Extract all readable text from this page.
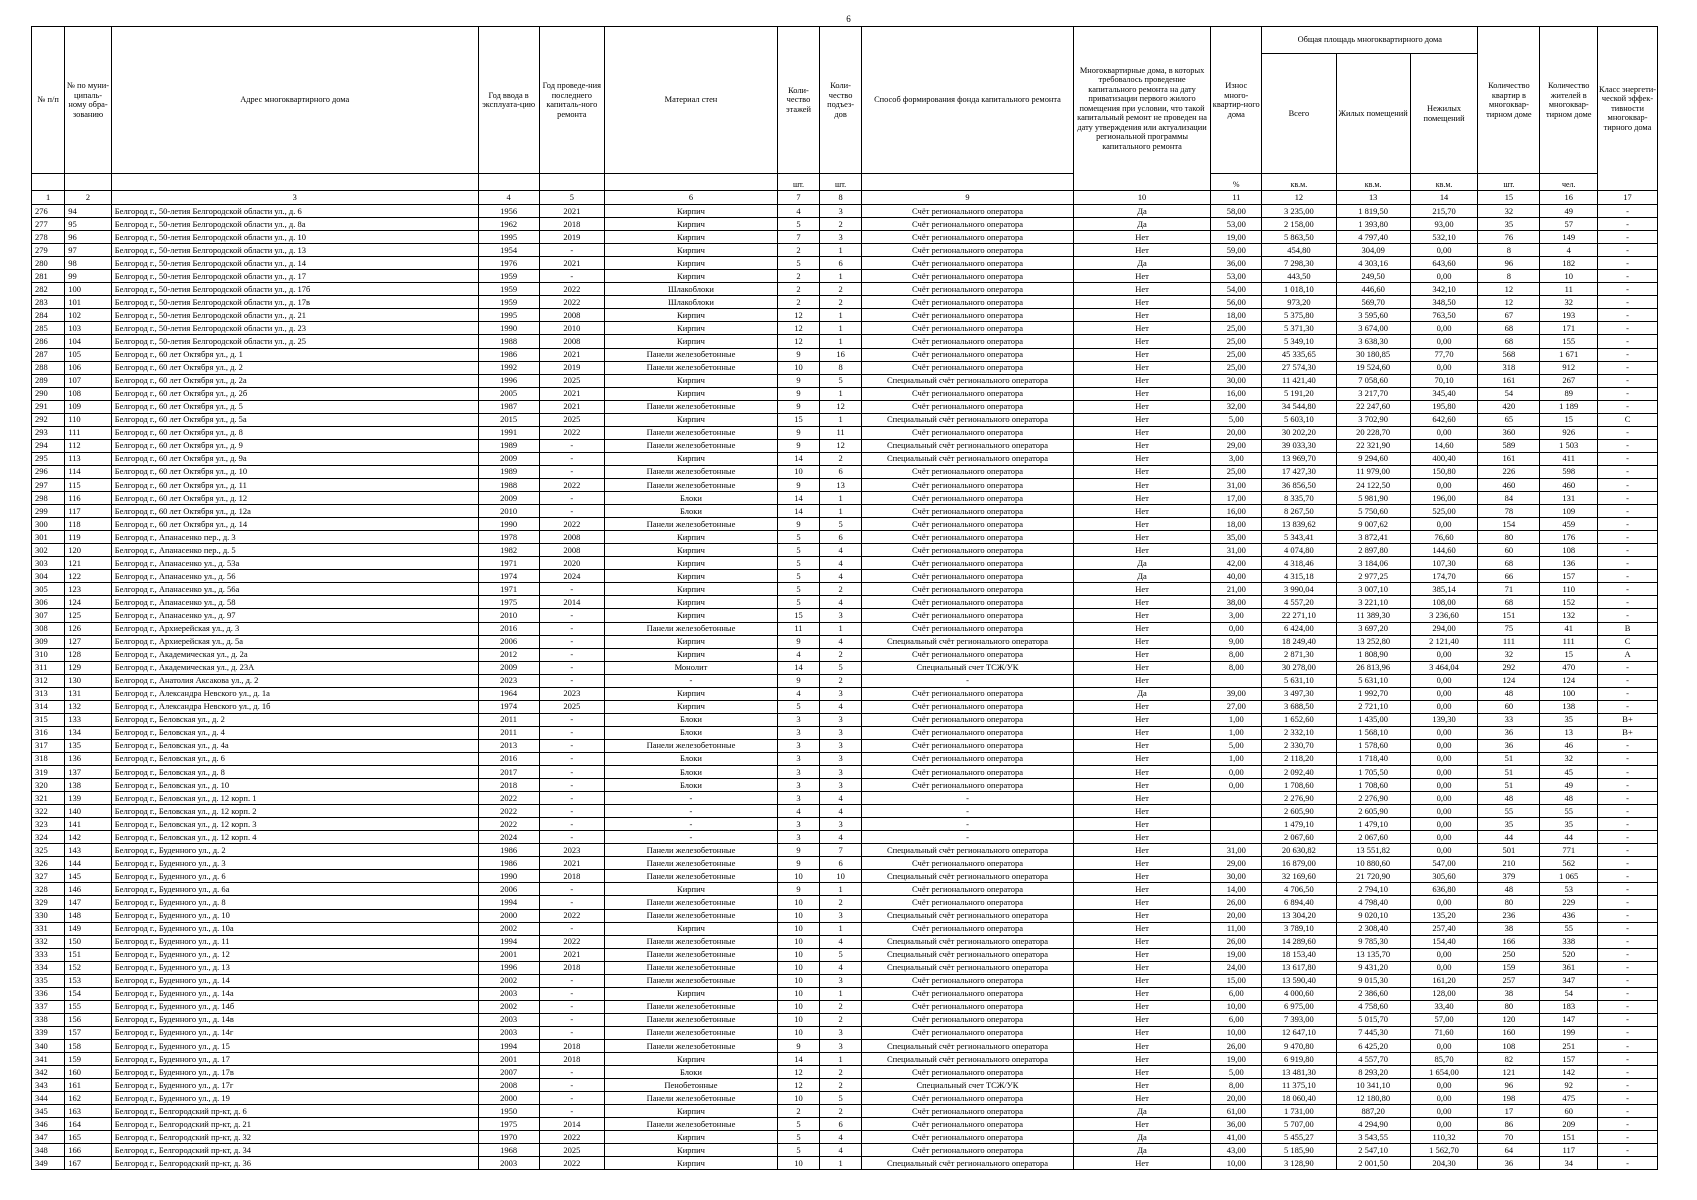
6
№ п/п	№ по муни-ципаль-ному обра-зованию	Адрес многоквартирного дома	Год ввода в эксплуата-цию	Год проведе-ния последнего капиталь-ного ремонта	Материал стен	Коли-чество этажей	Коли-чество подъез-дов	Способ формирования фонда капитального ремонта	Многоквартирные дома, в которых требовалось проведение капитального ремонта на дату приватизации первого жилого помещения при условии, что такой капитальный ремонт не проведен на дату утверждения или актуализации региональной программы капитального ремонта	Износ много-квартир-ного дома	Общая площадь многоквартирного дома			Количество квартир в многоквар-тирном доме	Количество жителей в многоквар-тирном доме	Класс энергети-ческой эффек-тивности многоквар-тирного дома
											Всего	Жилых помещений	Нежилых помещений			
						шт.	шт.			%	кв.м.	кв.м.	кв.м.	шт.	чел.	
1	2	3	4	5	6	7	8	9	10	11	12	13	14	15	16	17
276	94	Белгород г., 50-летия Белгородской области ул., д. 6	1956	2021	Кирпич	4	3	Счёт регионального оператора	Да	58,00	3 235,00	1 819,50	215,70	32	49	-
277	95	Белгород г., 50-летия Белгородской области ул., д. 8а	1962	2018	Кирпич	5	2	Счёт регионального оператора	Да	53,00	2 158,00	1 393,80	93,00	35	57	-
278	96	Белгород г., 50-летия Белгородской области ул., д. 10	1995	2019	Кирпич	7	3	Счёт регионального оператора	Нет	19,00	5 863,50	4 797,40	532,10	76	149	-
279	97	Белгород г., 50-летия Белгородской области ул., д. 13	1954	-	Кирпич	2	1	Счёт регионального оператора	Нет	59,00	454,80	304,09	0,00	8	4	-
280	98	Белгород г., 50-летия Белгородской области ул., д. 14	1976	2021	Кирпич	5	6	Счёт регионального оператора	Да	36,00	7 298,30	4 303,16	643,60	96	182	-
281	99	Белгород г., 50-летия Белгородской области ул., д. 17	1959	-	Кирпич	2	1	Счёт регионального оператора	Нет	53,00	443,50	249,50	0,00	8	10	-
282	100	Белгород г., 50-летия Белгородской области ул., д. 17б	1959	2022	Шлакоблоки	2	2	Счёт регионального оператора	Нет	54,00	1 018,10	446,60	342,10	12	11	-
283	101	Белгород г., 50-летия Белгородской области ул., д. 17в	1959	2022	Шлакоблоки	2	2	Счёт регионального оператора	Нет	56,00	973,20	569,70	348,50	12	32	-
284	102	Белгород г., 50-летия Белгородской области ул., д. 21	1995	2008	Кирпич	12	1	Счёт регионального оператора	Нет	18,00	5 375,80	3 595,60	763,50	67	193	-
285	103	Белгород г., 50-летия Белгородской области ул., д. 23	1990	2010	Кирпич	12	1	Счёт регионального оператора	Нет	25,00	5 371,30	3 674,00	0,00	68	171	-
286	104	Белгород г., 50-летия Белгородской области ул., д. 25	1988	2008	Кирпич	12	1	Счёт регионального оператора	Нет	25,00	5 349,10	3 638,30	0,00	68	155	-
287	105	Белгород г., 60 лет Октября ул., д. 1	1986	2021	Панели железобетонные	9	16	Счёт регионального оператора	Нет	25,00	45 335,65	30 180,85	77,70	568	1 671	-
288	106	Белгород г., 60 лет Октября ул., д. 2	1992	2019	Панели железобетонные	10	8	Счёт регионального оператора	Нет	25,00	27 574,30	19 524,60	0,00	318	912	-
289	107	Белгород г., 60 лет Октября ул., д. 2а	1996	2025	Кирпич	9	5	Специальный счёт регионального оператора	Нет	30,00	11 421,40	7 058,60	70,10	161	267	-
290	108	Белгород г., 60 лет Октября ул., д. 2б	2005	2021	Кирпич	9	1	Счёт регионального оператора	Нет	16,00	5 191,20	3 217,70	345,40	54	89	-
291	109	Белгород г., 60 лет Октября ул., д. 5	1987	2021	Панели железобетонные	9	12	Счёт регионального оператора	Нет	32,00	34 544,80	22 247,60	195,80	420	1 189	-
292	110	Белгород г., 60 лет Октября ул., д. 5а	2015	2025	Кирпич	15	1	Специальный счёт регионального оператора	Нет	5,00	5 603,10	3 702,90	642,60	65	15	C
293	111	Белгород г., 60 лет Октября ул., д. 8	1991	2022	Панели железобетонные	9	11	Счёт регионального оператора	Нет	20,00	30 202,20	20 228,70	0,00	360	926	-
294	112	Белгород г., 60 лет Октября ул., д. 9	1989	-	Панели железобетонные	9	12	Специальный счёт регионального оператора	Нет	29,00	39 033,30	22 321,90	14,60	589	1 503	-
295	113	Белгород г., 60 лет Октября ул., д. 9а	2009	-	Кирпич	14	2	Специальный счёт регионального оператора	Нет	3,00	13 969,70	9 294,60	400,40	161	411	-
296	114	Белгород г., 60 лет Октября ул., д. 10	1989	-	Панели железобетонные	10	6	Счёт регионального оператора	Нет	25,00	17 427,30	11 979,00	150,80	226	598	-
297	115	Белгород г., 60 лет Октября ул., д. 11	1988	2022	Панели железобетонные	9	13	Счёт регионального оператора	Нет	31,00	36 856,50	24 122,50	0,00	460	460	-
298	116	Белгород г., 60 лет Октября ул., д. 12	2009	-	Блоки	14	1	Счёт регионального оператора	Нет	17,00	8 335,70	5 981,90	196,00	84	131	-
299	117	Белгород г., 60 лет Октября ул., д. 12а	2010	-	Блоки	14	1	Счёт регионального оператора	Нет	16,00	8 267,50	5 750,60	525,00	78	109	-
300	118	Белгород г., 60 лет Октября ул., д. 14	1990	2022	Панели железобетонные	9	5	Счёт регионального оператора	Нет	18,00	13 839,62	9 007,62	0,00	154	459	-
301	119	Белгород г., Апанасенко пер., д. 3	1978	2008	Кирпич	5	6	Счёт регионального оператора	Нет	35,00	5 343,41	3 872,41	76,60	80	176	-
302	120	Белгород г., Апанасенко пер., д. 5	1982	2008	Кирпич	5	4	Счёт регионального оператора	Нет	31,00	4 074,80	2 897,80	144,60	60	108	-
303	121	Белгород г., Апанасенко ул., д. 53а	1971	2020	Кирпич	5	4	Счёт регионального оператора	Да	42,00	4 318,46	3 184,06	107,30	68	136	-
304	122	Белгород г., Апанасенко ул., д. 56	1974	2024	Кирпич	5	4	Счёт регионального оператора	Да	40,00	4 315,18	2 977,25	174,70	66	157	-
305	123	Белгород г., Апанасенко ул., д. 56а	1971	-	Кирпич	5	2	Счёт регионального оператора	Нет	21,00	3 990,04	3 007,10	385,14	71	110	-
306	124	Белгород г., Апанасенко ул., д. 58	1975	2014	Кирпич	5	4	Счёт регионального оператора	Нет	38,00	4 557,20	3 221,10	108,00	68	152	-
307	125	Белгород г., Апанасенко ул., д. 97	2010	-	Кирпич	15	3	Счёт регионального оператора	Нет	3,00	22 271,10	11 389,30	3 236,60	151	132	-
308	126	Белгород г., Архиерейская ул., д. 3	2016	-	Панели железобетонные	11	1	Счёт регионального оператора	Нет	0,00	6 424,00	3 697,20	294,00	75	41	B
309	127	Белгород г., Архиерейская ул., д. 5а	2006	-	Кирпич	9	4	Специальный счёт регионального оператора	Нет	9,00	18 249,40	13 252,80	2 121,40	111	111	C
310	128	Белгород г., Академическая ул., д. 2а	2012	-	Кирпич	4	2	Счёт регионального оператора	Нет	8,00	2 871,30	1 808,90	0,00	32	15	A
311	129	Белгород г., Академическая ул., д. 23А	2009	-	Монолит	14	5	Специальный счет ТСЖ/УК	Нет	8,00	30 278,00	26 813,96	3 464,04	292	470	-
312	130	Белгород г., Анатолия Аксакова ул., д. 2	2023	-	-	9	2	-	Нет		5 631,10	5 631,10	0,00	124	124	-
313	131	Белгород г., Александра Невского ул., д. 1а	1964	2023	Кирпич	4	3	Счёт регионального оператора	Да	39,00	3 497,30	1 992,70	0,00	48	100	-
314	132	Белгород г., Александра Невского ул., д. 1б	1974	2025	Кирпич	5	4	Счёт регионального оператора	Нет	27,00	3 688,50	2 721,10	0,00	60	138	-
315	133	Белгород г., Беловская ул., д. 2	2011	-	Блоки	3	3	Счёт регионального оператора	Нет	1,00	1 652,60	1 435,00	139,30	33	35	B+
316	134	Белгород г., Беловская ул., д. 4	2011	-	Блоки	3	3	Счёт регионального оператора	Нет	1,00	2 332,10	1 568,10	0,00	36	13	B+
317	135	Белгород г., Беловская ул., д. 4а	2013	-	Панели железобетонные	3	3	Счёт регионального оператора	Нет	5,00	2 330,70	1 578,60	0,00	36	46	-
318	136	Белгород г., Беловская ул., д. 6	2016	-	Блоки	3	3	Счёт регионального оператора	Нет	1,00	2 118,20	1 718,40	0,00	51	32	-
319	137	Белгород г., Беловская ул., д. 8	2017	-	Блоки	3	3	Счёт регионального оператора	Нет	0,00	2 092,40	1 705,50	0,00	51	45	-
320	138	Белгород г., Беловская ул., д. 10	2018	-	Блоки	3	3	Счёт регионального оператора	Нет	0,00	1 708,60	1 708,60	0,00	51	49	-
321	139	Белгород г., Беловская ул., д. 12 корп. 1	2022	-	-	3	4	-	Нет		2 276,90	2 276,90	0,00	48	48	-
322	140	Белгород г., Беловская ул., д. 12 корп. 2	2022	-	-	4	4	-	Нет		2 605,90	2 605,90	0,00	55	55	-
323	141	Белгород г., Беловская ул., д. 12 корп. 3	2022	-	-	3	3	-	Нет		1 479,10	1 479,10	0,00	35	35	-
324	142	Белгород г., Беловская ул., д. 12 корп. 4	2024	-	-	3	4	-	Нет		2 067,60	2 067,60	0,00	44	44	-
325	143	Белгород г., Буденного ул., д. 2	1986	2023	Панели железобетонные	9	7	Специальный счёт регионального оператора	Нет	31,00	20 630,82	13 551,82	0,00	501	771	-
326	144	Белгород г., Буденного ул., д. 3	1986	2021	Панели железобетонные	9	6	Счёт регионального оператора	Нет	29,00	16 879,00	10 880,60	547,00	210	562	-
327	145	Белгород г., Буденного ул., д. 6	1990	2018	Панели железобетонные	10	10	Специальный счёт регионального оператора	Нет	30,00	32 169,60	21 720,90	305,60	379	1 065	-
328	146	Белгород г., Буденного ул., д. 6а	2006	-	Кирпич	9	1	Счёт регионального оператора	Нет	14,00	4 706,50	2 794,10	636,80	48	53	-
329	147	Белгород г., Буденного ул., д. 8	1994	-	Панели железобетонные	10	2	Счёт регионального оператора	Нет	26,00	6 894,40	4 798,40	0,00	80	229	-
330	148	Белгород г., Буденного ул., д. 10	2000	2022	Панели железобетонные	10	3	Специальный счёт регионального оператора	Нет	20,00	13 304,20	9 020,10	135,20	236	436	-
331	149	Белгород г., Буденного ул., д. 10а	2002	-	Кирпич	10	1	Счёт регионального оператора	Нет	11,00	3 789,10	2 308,40	257,40	38	55	-
332	150	Белгород г., Буденного ул., д. 11	1994	2022	Панели железобетонные	10	4	Специальный счёт регионального оператора	Нет	26,00	14 289,60	9 785,30	154,40	166	338	-
333	151	Белгород г., Буденного ул., д. 12	2001	2021	Панели железобетонные	10	5	Специальный счёт регионального оператора	Нет	19,00	18 153,40	13 135,70	0,00	250	520	-
334	152	Белгород г., Буденного ул., д. 13	1996	2018	Панели железобетонные	10	4	Специальный счёт регионального оператора	Нет	24,00	13 617,80	9 431,20	0,00	159	361	-
335	153	Белгород г., Буденного ул., д. 14	2002	-	Панели железобетонные	10	3	Счёт регионального оператора	Нет	15,00	13 590,40	9 015,30	161,20	257	347	-
336	154	Белгород г., Буденного ул., д. 14а	2003	-	Кирпич	10	1	Счёт регионального оператора	Нет	6,00	4 000,60	2 386,60	128,00	38	54	-
337	155	Белгород г., Буденного ул., д. 14б	2002	-	Панели железобетонные	10	2	Счёт регионального оператора	Нет	10,00	6 975,00	4 758,60	33,40	80	183	-
338	156	Белгород г., Буденного ул., д. 14в	2003	-	Панели железобетонные	10	2	Счёт регионального оператора	Нет	6,00	7 393,00	5 015,70	57,00	120	147	-
339	157	Белгород г., Буденного ул., д. 14г	2003	-	Панели железобетонные	10	3	Счёт регионального оператора	Нет	10,00	12 647,10	7 445,30	71,60	160	199	-
340	158	Белгород г., Буденного ул., д. 15	1994	2018	Панели железобетонные	9	3	Специальный счёт регионального оператора	Нет	26,00	9 470,80	6 425,20	0,00	108	251	-
341	159	Белгород г., Буденного ул., д. 17	2001	2018	Кирпич	14	1	Специальный счёт регионального оператора	Нет	19,00	6 919,80	4 557,70	85,70	82	157	-
342	160	Белгород г., Буденного ул., д. 17в	2007	-	Блоки	12	2	Счёт регионального оператора	Нет	5,00	13 481,30	8 293,20	1 654,00	121	142	-
343	161	Белгород г., Буденного ул., д. 17г	2008	-	Пенобетонные	12	2	Специальный счет ТСЖ/УК	Нет	8,00	11 375,10	10 341,10	0,00	96	92	-
344	162	Белгород г., Буденного ул., д. 19	2000	-	Панели железобетонные	10	5	Счёт регионального оператора	Нет	20,00	18 060,40	12 180,80	0,00	198	475	-
345	163	Белгород г., Белгородский пр-кт, д. 6	1950	-	Кирпич	2	2	Счёт регионального оператора	Да	61,00	1 731,00	887,20	0,00	17	60	-
346	164	Белгород г., Белгородский пр-кт, д. 21	1975	2014	Панели железобетонные	5	6	Счёт регионального оператора	Нет	36,00	5 707,00	4 294,90	0,00	86	209	-
347	165	Белгород г., Белгородский пр-кт, д. 32	1970	2022	Кирпич	5	4	Счёт регионального оператора	Да	41,00	5 455,27	3 543,55	110,32	70	151	-
348	166	Белгород г., Белгородский пр-кт, д. 34	1968	2025	Кирпич	5	4	Счёт регионального оператора	Да	43,00	5 185,90	2 547,10	1 562,70	64	117	-
349	167	Белгород г., Белгородский пр-кт, д. 36	2003	2022	Кирпич	10	1	Специальный счёт регионального оператора	Нет	10,00	3 128,90	2 001,50	204,30	36	34	-
